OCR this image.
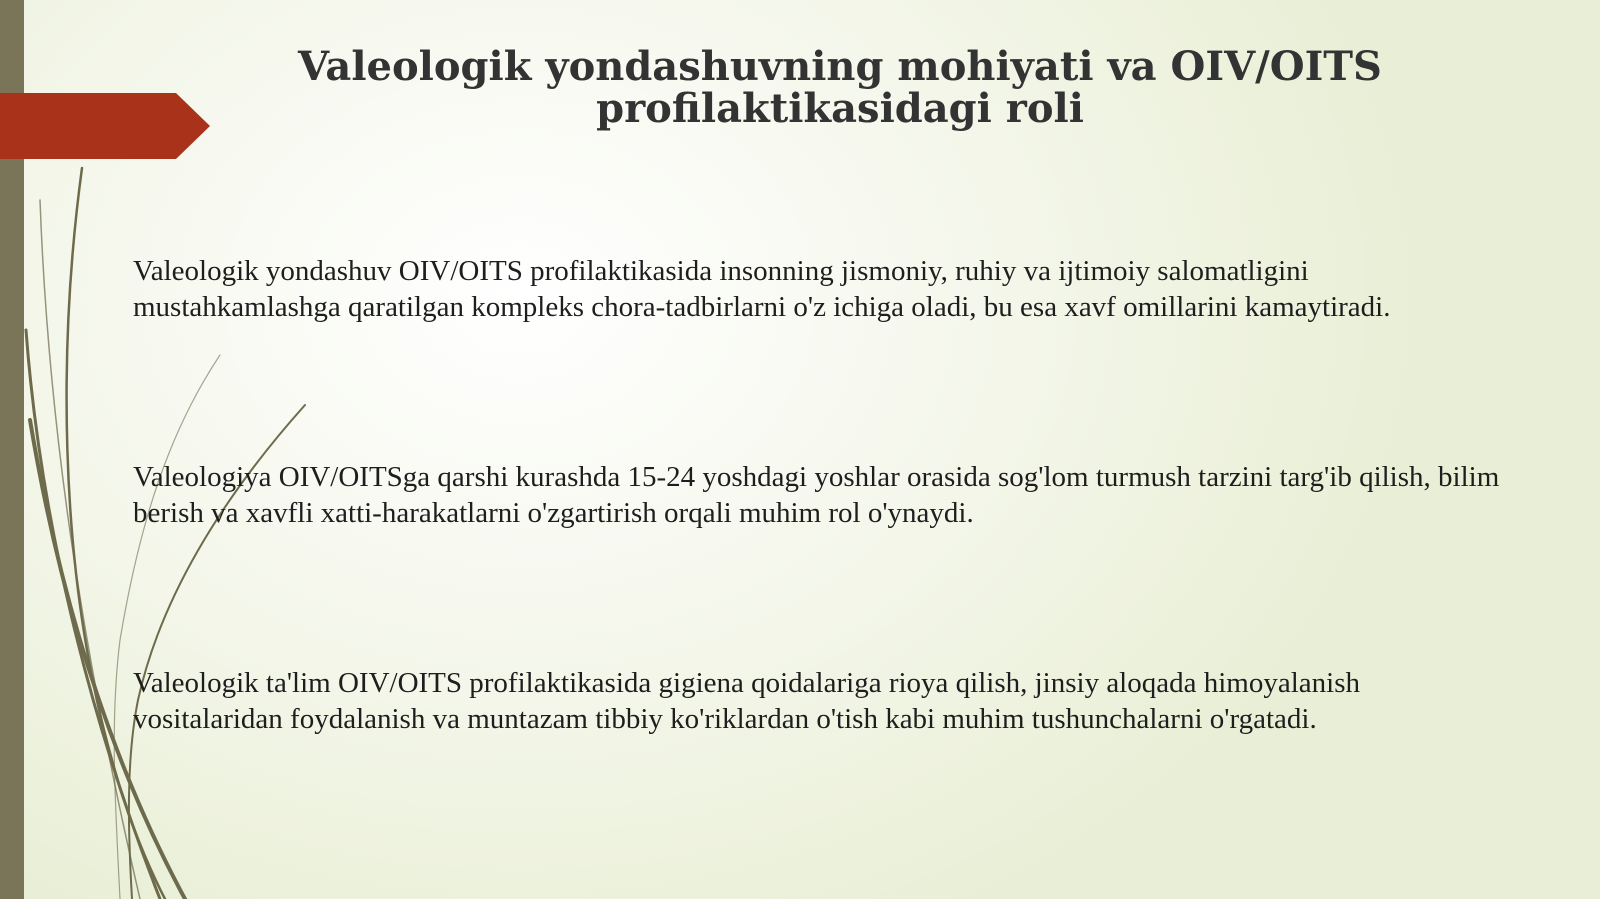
Valeologik yondashuvning mohiyati va OIV/OITS profilaktikasidagi roli
Valeologik yondashuv OIV/OITS profilaktikasida insonning jismoniy, ruhiy va ijtimoiy salomatligini mustahkamlashga qaratilgan kompleks chora-tadbirlarni o'z ichiga oladi, bu esa xavf omillarini kamaytiradi.
Valeologiya OIV/OITSga qarshi kurashda 15-24 yoshdagi yoshlar orasida sog'lom turmush tarzini targ'ib qilish, bilim berish va xavfli xatti-harakatlarni o'zgartirish orqali muhim rol o'ynaydi.
Valeologik ta'lim OIV/OITS profilaktikasida gigiena qoidalariga rioya qilish, jinsiy aloqada himoyalanish vositalaridan foydalanish va muntazam tibbiy ko'riklardan o'tish kabi muhim tushunchalarni o'rgatadi.
